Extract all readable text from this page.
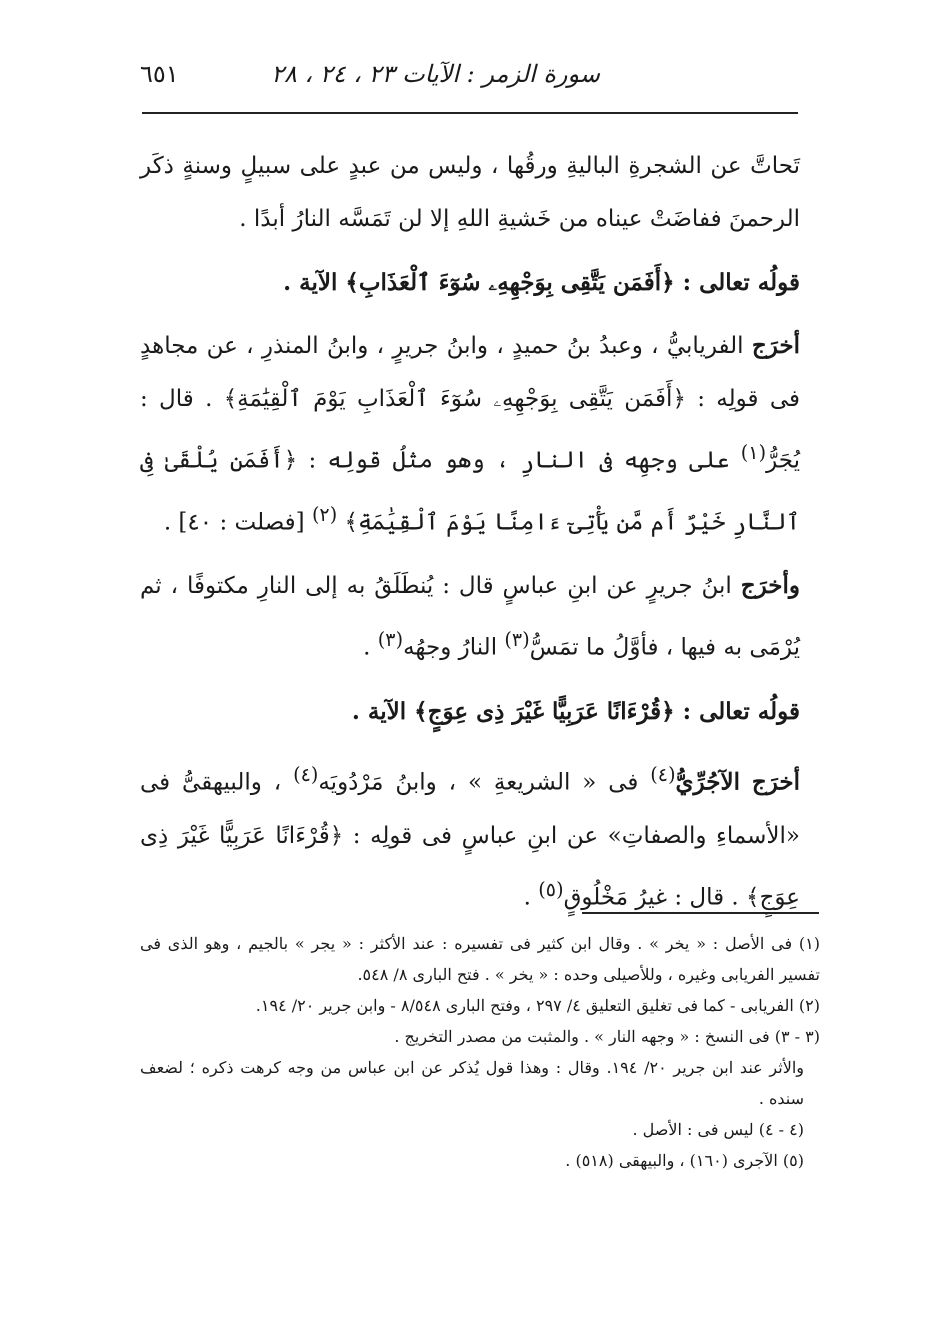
سورة الزمر : الآيات ٢٣ ، ٢٤ ، ٢٨
٦٥١

تَحاتَّ عن الشجرةِ الباليةِ ورقُها ، وليس من عبدٍ على سبيلٍ وسنةٍ ذكَر الرحمنَ ففاضَتْ عيناه من خَشيةِ اللهِ إلا لن تَمَسَّه النارُ أبدًا .

قولُه تعالى : ﴿أَفَمَن يَتَّقِى بِوَجْهِهِۦ سُوٓءَ ٱلْعَذَابِ﴾ الآية .

أخرَج الفريابيُّ ، وعبدُ بنُ حميدٍ ، وابنُ جريرٍ ، وابنُ المنذرِ ، عن مجاهدٍ فى قولِه : ﴿أَفَمَن يَتَّقِى بِوَجْهِهِۦ سُوٓءَ ٱلْعَذَابِ يَوْمَ ٱلْقِيَٰمَةِ﴾ . قال : يُجَرُّ$^{(١)}$ على وجهِه فى النارِ ، وهو مثلُ قولِه : ﴿أَفَمَن يُلْقَىٰ فِى ٱلنَّارِ خَيْرٌ أَم مَّن يَأْتِىٓ ءَامِنًا يَوْمَ ٱلْقِيَٰمَةِ﴾ $^{(٢)}$ [فصلت : ٤٠] .

وأخرَج ابنُ جريرٍ عن ابنِ عباسٍ قال : يُنطَلَقُ به إلى النارِ مكتوفًا ، ثم يُرْمَى به فيها ، فأوَّلُ ما تمَسُّ$^{(٣)}$ النارُ وجهُه$^{(٣)}$ .

قولُه تعالى : ﴿قُرْءَانًا عَرَبِيًّا غَيْرَ ذِى عِوَجٍ﴾ الآية .

أخرَج الآجُرِّيُّ$^{(٤)}$ فى « الشريعةِ » ، وابنُ مَرْدُويَه$^{(٤)}$ ، والبيهقىُّ فى «الأسماءِ والصفاتِ» عن ابنِ عباسٍ فى قولِه : ﴿قُرْءَانًا عَرَبِيًّا غَيْرَ ذِى عِوَجٍ﴾ . قال : غيرُ مَخْلُوقٍ$^{(٥)}$ .

(١) فى الأصل : « يخر » . وقال ابن كثير فى تفسيره : عند الأكثر : « يجر » بالجيم ، وهو الذى فى تفسير الفريابى وغيره ، وللأصيلى وحده : « يخر » . فتح البارى ٨/ ٥٤٨.

(٢) الفريابى - كما فى تغليق التعليق ٤/ ٢٩٧ ، وفتح البارى ٨/٥٤٨ - وابن جرير ٢٠/ ١٩٤.

(٣ - ٣) فى النسخ : « وجهه النار » . والمثبت من مصدر التخريج .

والأثر عند ابن جرير ٢٠/ ١٩٤. وقال : وهذا قول يُذكر عن ابن عباس من وجه كرهت ذكره ؛ لضعف سنده .

(٤ - ٤) ليس فى : الأصل .

(٥) الآجرى (١٦٠) ، والبيهقى (٥١٨) .
